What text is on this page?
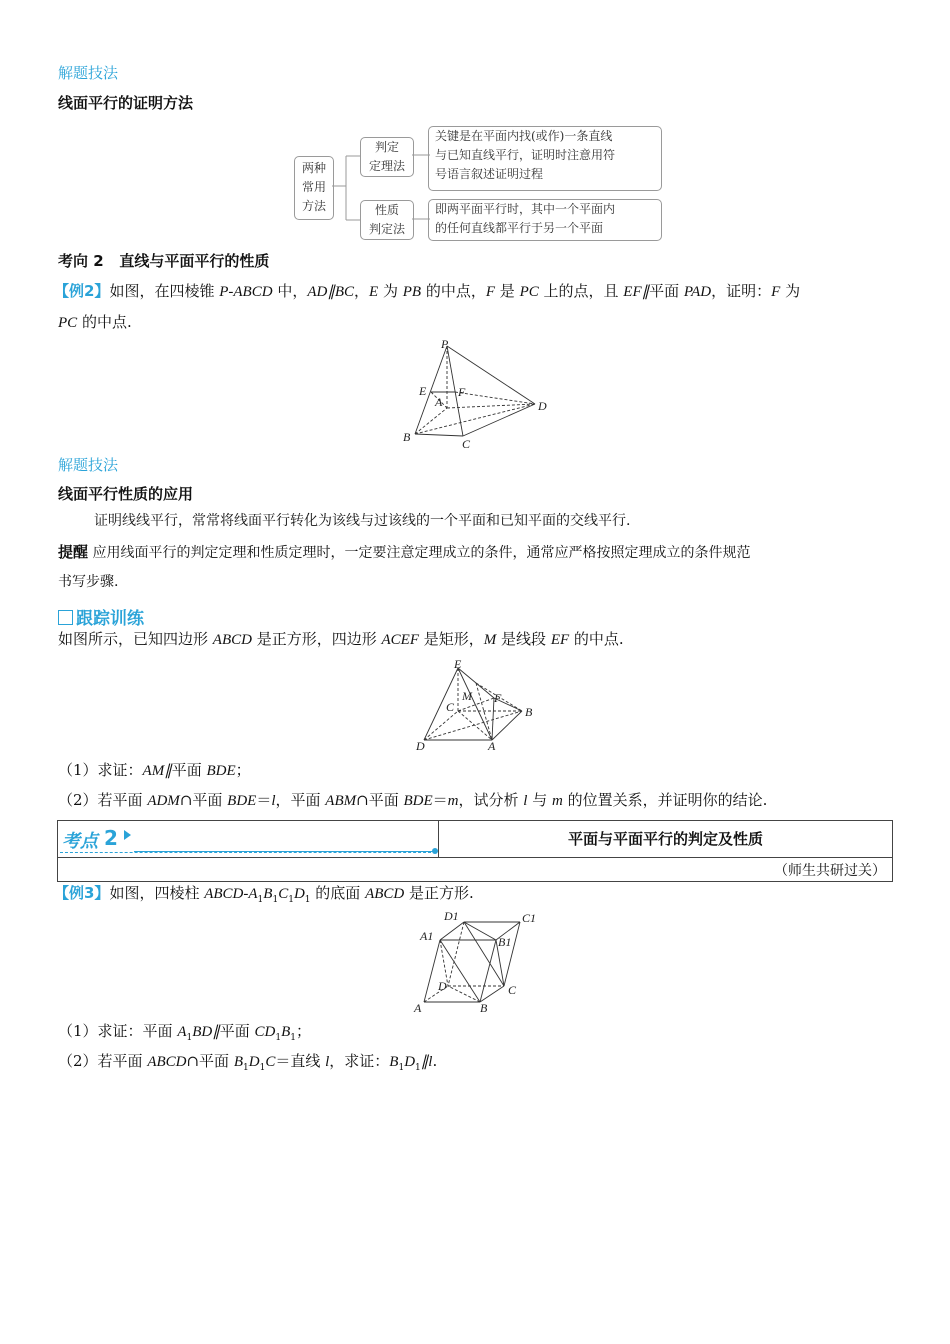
解题技法
线面平行的证明方法
两种
常用
方法
判定
定理法
关键是在平面内找(或作)一条直线
与已知直线平行，证明时注意用符
号语言叙述证明过程
性质
判定法
即两平面平行时，其中一个平面内
的任何直线都平行于另一个平面
考向 2 直线与平面平行的性质
【例2】如图，在四棱锥 P-ABCD 中，AD∥BC，E 为 PB 的中点，F 是 PC 上的点，且 EF∥平面 PAD，证明：F 为
PC 的中点.
P
E	F
A	D
B	C
解题技法
线面平行性质的应用
证明线线平行，常常将线面平行转化为该线与过该线的一个平面和已知平面的交线平行.
提醒 应用线面平行的判定定理和性质定理时，一定要注意定理成立的条件，通常应严格按照定理成立的条件规范
书写步骤.
跟踪训练
如图所示，已知四边形 ABCD 是正方形，四边形 ACEF 是矩形，M 是线段 EF 的中点.
E
M F
C	B
D	A
（1）求证：AM∥平面 BDE；
（2）若平面 ADM∩平面 BDE＝l，平面 ABM∩平面 BDE＝m，试分析 l 与 m 的位置关系，并证明你的结论.
考点 2	平面与平面平行的判定及性质
（师生共研过关）
【例3】如图，四棱柱 ABCD-$A_1B_1C_1D_1$ 的底面 ABCD 是正方形.
D1	C1
A1	B1
D	C
A	B
（1）求证：平面 $A_1BD\parallel$平面 $CD_1B_1$；
（2）若平面 ABCD∩平面 $B_1D_1C=$直线 l，求证：$B_1D_1\parallel l$.
